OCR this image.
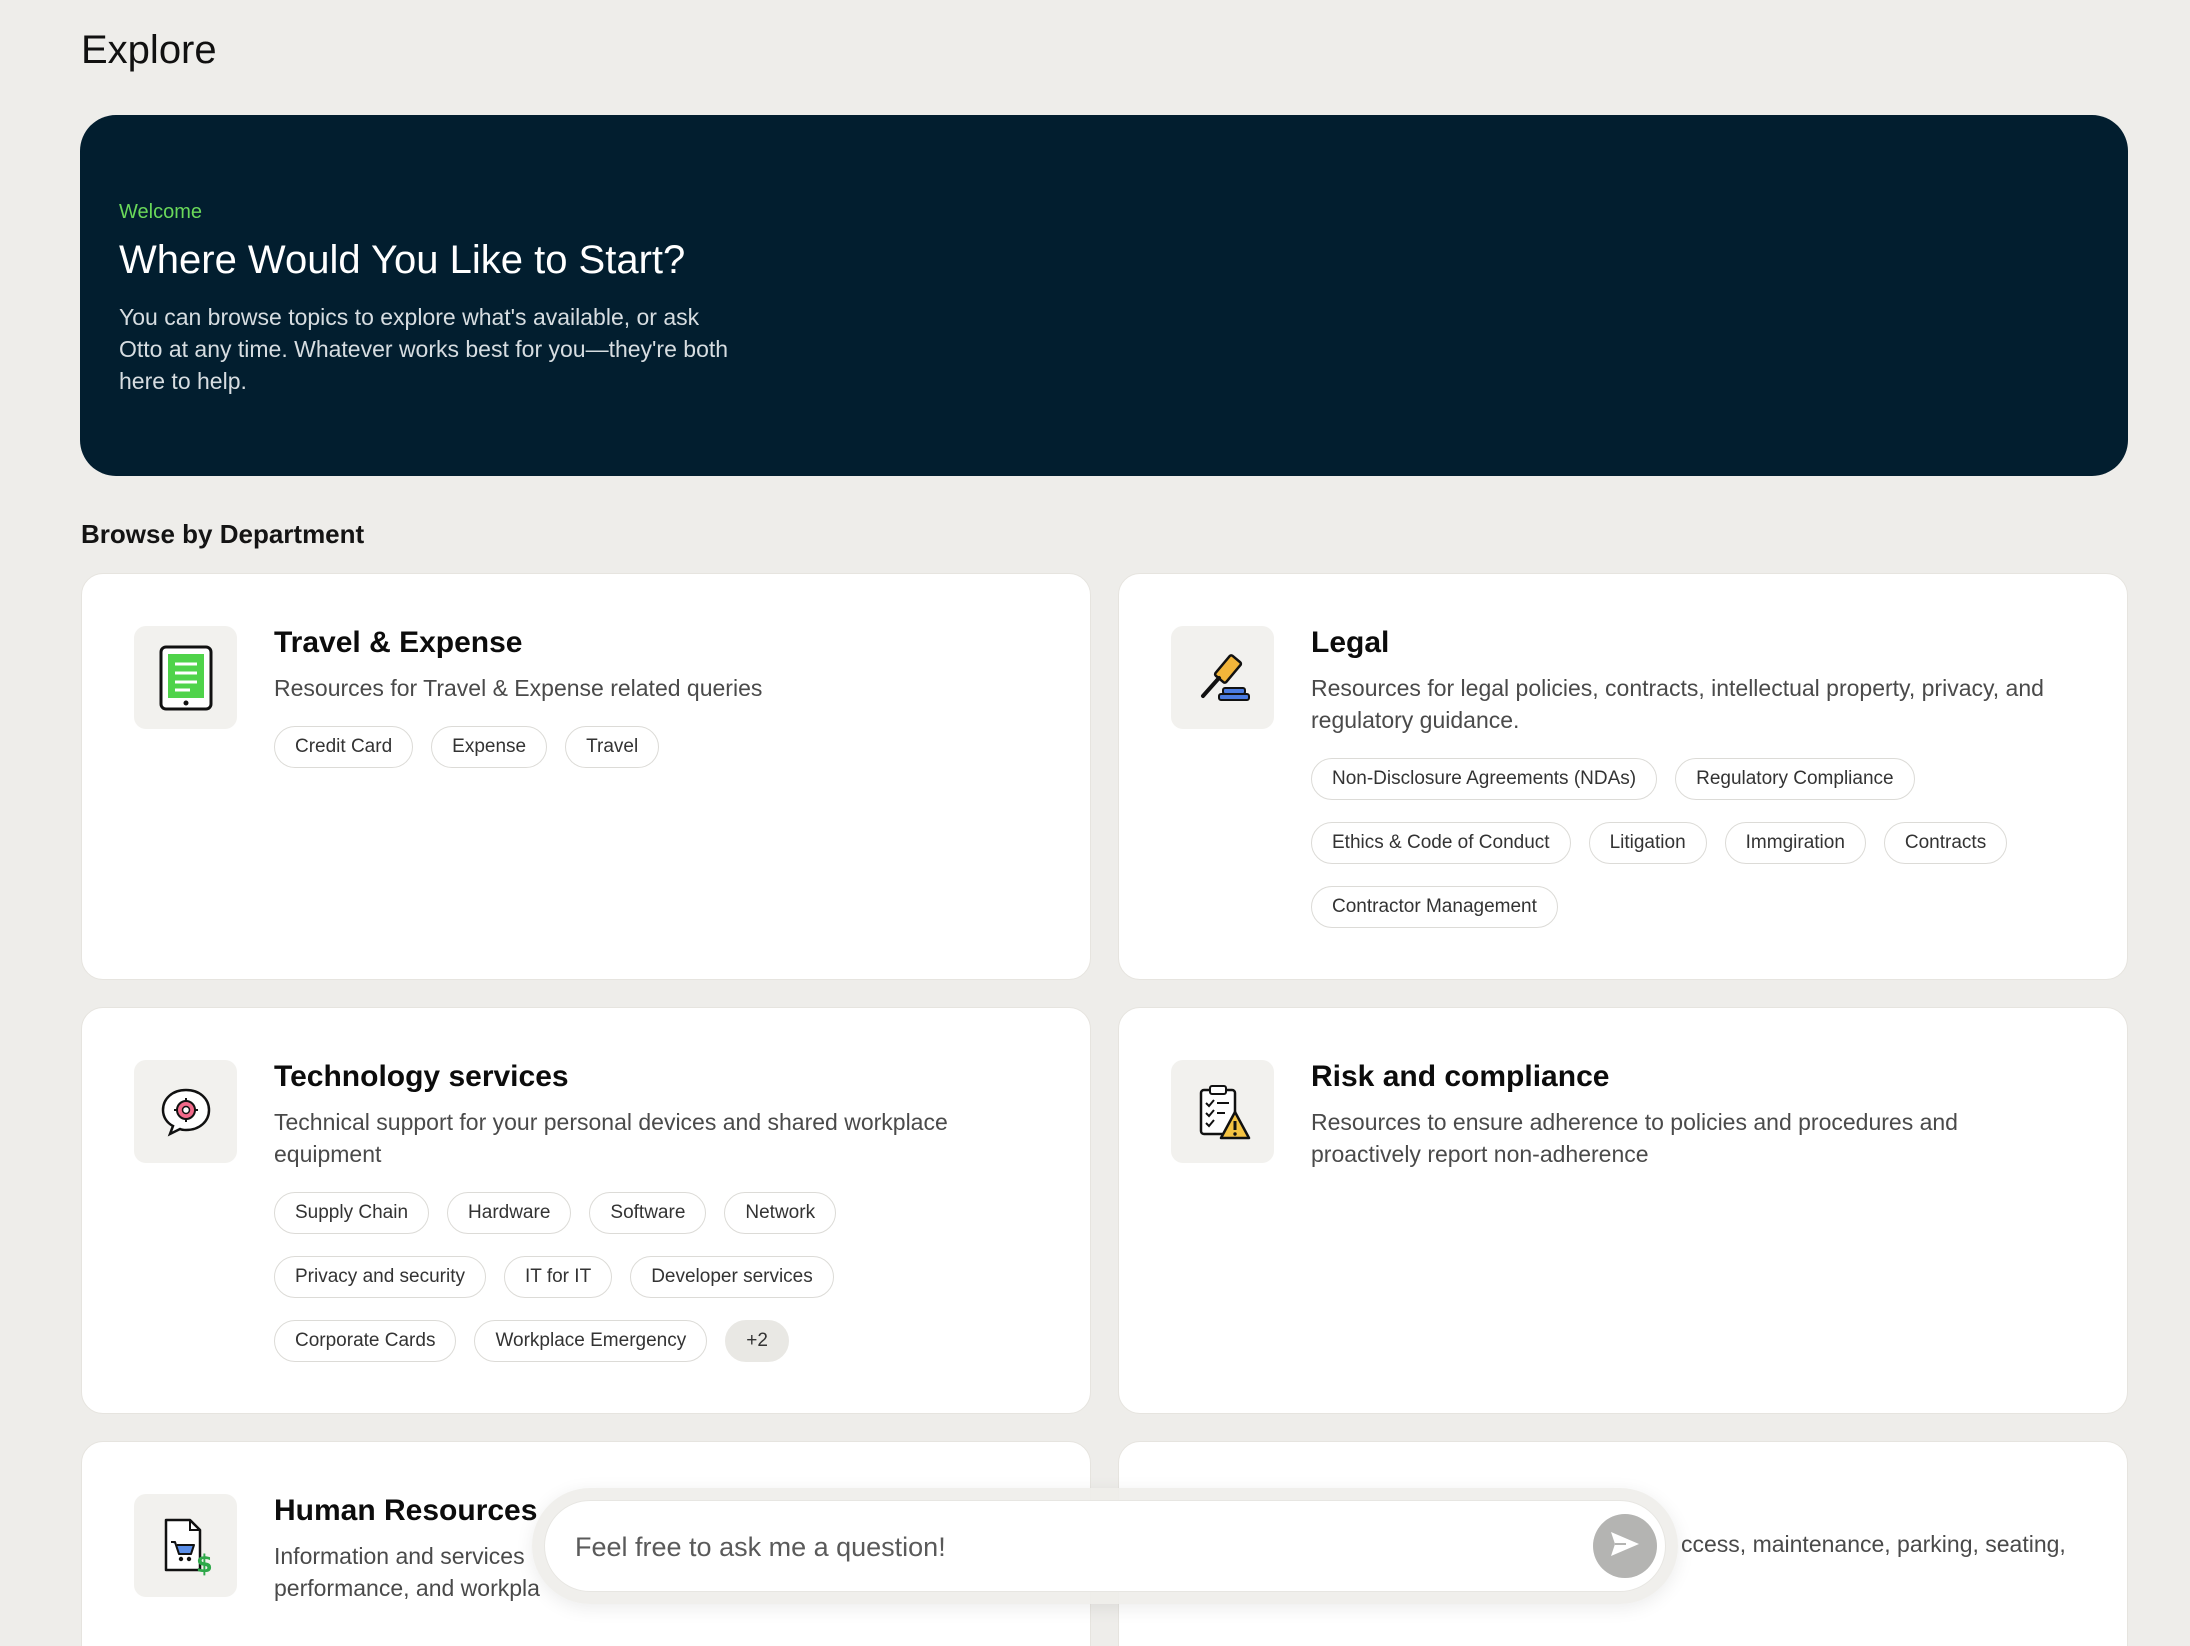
Explore
Welcome
Where Would You Like to Start?

You can browse topics to explore what's available, or ask Otto at any time. Whatever works best for you—they're both here to help.

Browse by Department
Travel & Expense
Resources for Travel & Expense related queries
Credit Card	Expense	Travel
Legal
Resources for legal policies, contracts, intellectual property, privacy, and regulatory guidance.
Non-Disclosure Agreements (NDAs)	Regulatory Compliance
Ethics & Code of Conduct	Litigation	Immgiration	Contracts
Contractor Management
Technology services
Technical support for your personal devices and shared workplace equipment
Supply Chain	Hardware	Software	Network
Privacy and security	IT for IT	Developer services
Corporate Cards	Workplace Emergency	+2
Risk and compliance
Resources to ensure adherence to policies and procedures and proactively report non-adherence
$
Human Resources
Information and services
performance, and workpla
ccess, maintenance, parking, seating,
Feel free to ask me a question!
